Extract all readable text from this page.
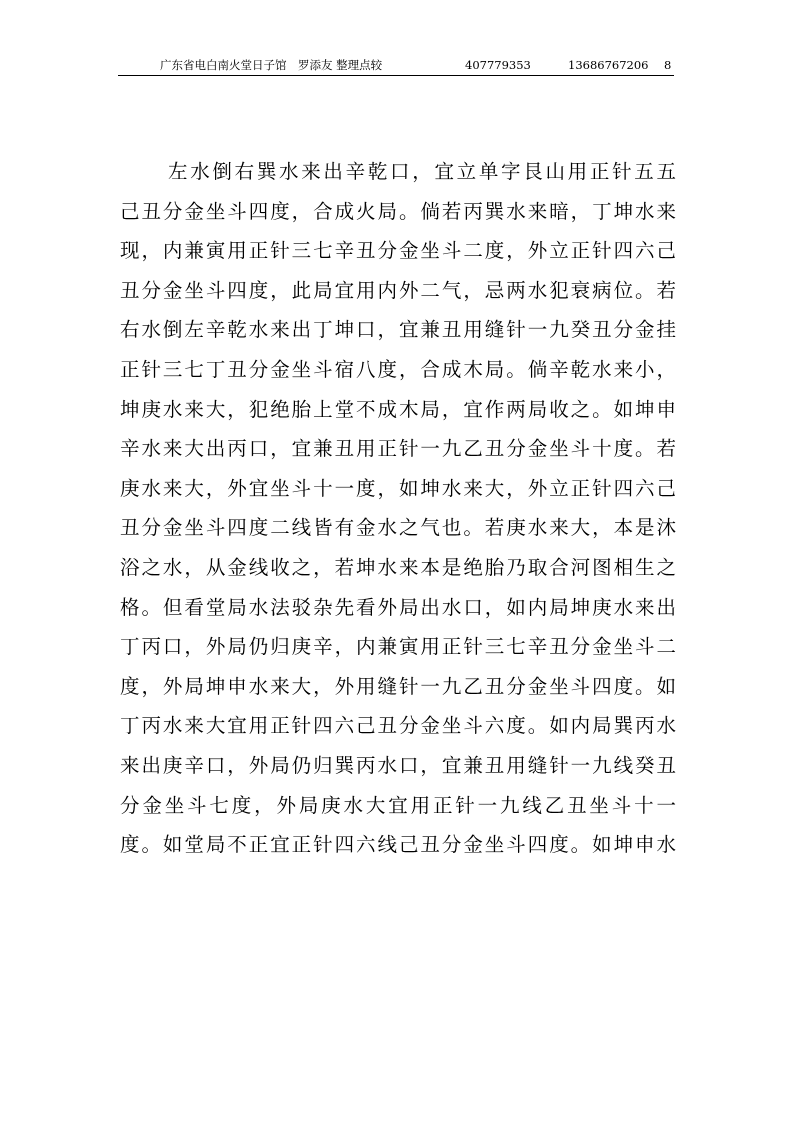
广东省电白南火堂日子馆　罗添友 整理点较	407779353	13686767206 8
左水倒右巽水来出辛乾口，宜立单字艮山用正针五五
己丑分金坐斗四度，合成火局。倘若丙巽水来暗，丁坤水来
现，内兼寅用正针三七辛丑分金坐斗二度，外立正针四六己
丑分金坐斗四度，此局宜用内外二气，忌两水犯衰病位。若
右水倒左辛乾水来出丁坤口，宜兼丑用缝针一九癸丑分金挂
正针三七丁丑分金坐斗宿八度，合成木局。倘辛乾水来小，
坤庚水来大，犯绝胎上堂不成木局，宜作两局收之。如坤申
辛水来大出丙口，宜兼丑用正针一九乙丑分金坐斗十度。若
庚水来大，外宜坐斗十一度，如坤水来大，外立正针四六己
丑分金坐斗四度二线皆有金水之气也。若庚水来大，本是沐
浴之水，从金线收之，若坤水来本是绝胎乃取合河图相生之
格。但看堂局水法驳杂先看外局出水口，如内局坤庚水来出
丁丙口，外局仍归庚辛，内兼寅用正针三七辛丑分金坐斗二
度，外局坤申水来大，外用缝针一九乙丑分金坐斗四度。如
丁丙水来大宜用正针四六己丑分金坐斗六度。如内局巽丙水
来出庚辛口，外局仍归巽丙水口，宜兼丑用缝针一九线癸丑
分金坐斗七度，外局庚水大宜用正针一九线乙丑坐斗十一
度。如堂局不正宜正针四六线己丑分金坐斗四度。如坤申水
